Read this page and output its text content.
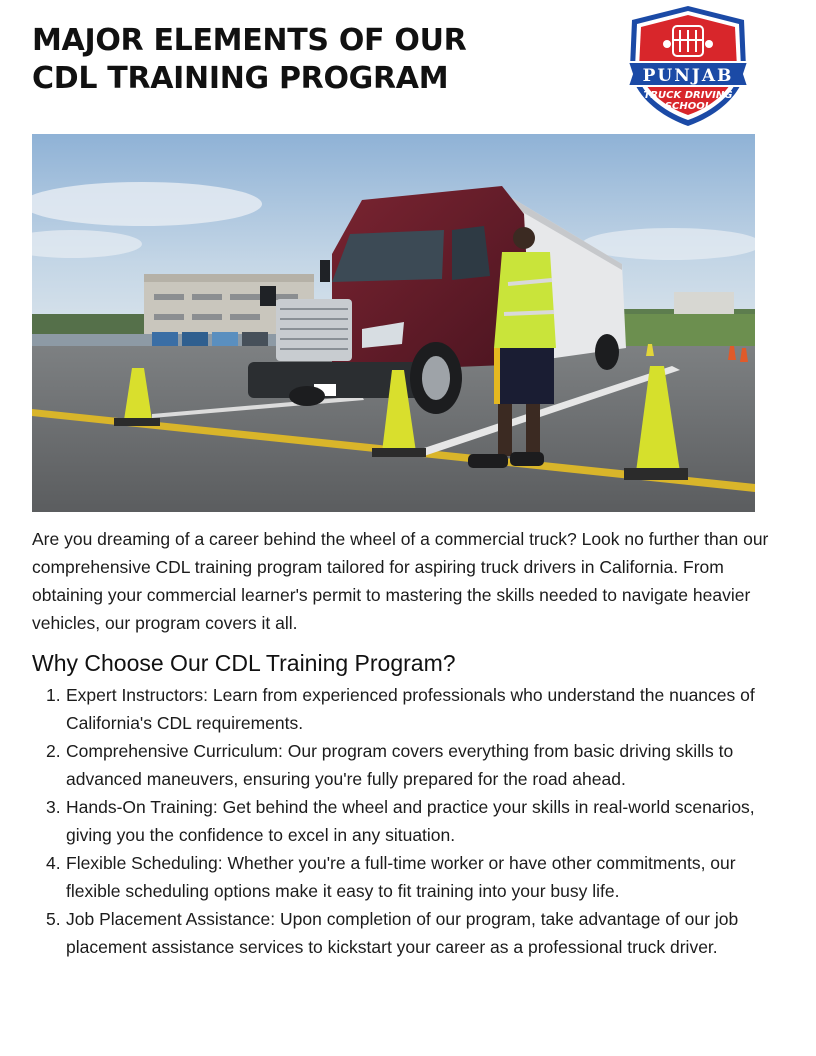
MAJOR ELEMENTS OF OUR
CDL TRAINING PROGRAM	PUNJAB
TRUCK DRIVING
SCHOOL

Are you dreaming of a career behind the wheel of a commercial truck? Look no further than our comprehensive CDL training program tailored for aspiring truck drivers in California. From obtaining your commercial learner's permit to mastering the skills needed to navigate heavier vehicles, our program covers it all.

Why Choose Our CDL Training Program?
1. Expert Instructors: Learn from experienced professionals who understand the nuances of California's CDL requirements.
2. Comprehensive Curriculum: Our program covers everything from basic driving skills to advanced maneuvers, ensuring you're fully prepared for the road ahead.
3. Hands-On Training: Get behind the wheel and practice your skills in real-world scenarios, giving you the confidence to excel in any situation.
4. Flexible Scheduling: Whether you're a full-time worker or have other commitments, our flexible scheduling options make it easy to fit training into your busy life.
5. Job Placement Assistance: Upon completion of our program, take advantage of our job placement assistance services to kickstart your career as a professional truck driver.
